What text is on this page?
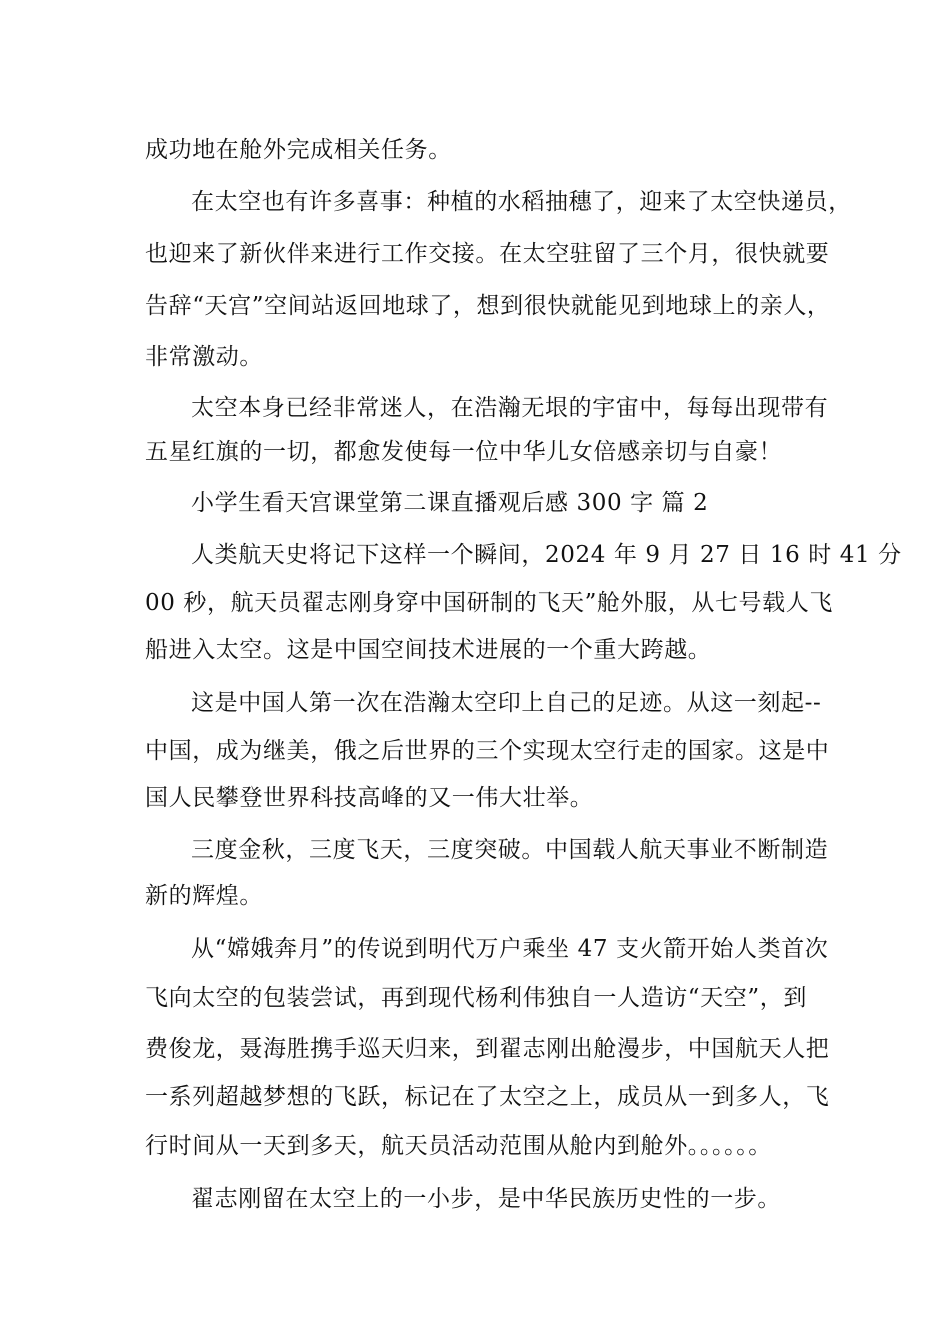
成功地在舱外完成相关任务。
在太空也有许多喜事：种植的水稻抽穗了，迎来了太空快递员，
也迎来了新伙伴来进行工作交接。在太空驻留了三个月，很快就要
告辞“天宫”空间站返回地球了，想到很快就能见到地球上的亲人，
非常激动。
太空本身已经非常迷人，在浩瀚无垠的宇宙中，每每出现带有
五星红旗的一切，都愈发使每一位中华儿女倍感亲切与自豪！
小学生看天宫课堂第二课直播观后感 300 字 篇 2
人类航天史将记下这样一个瞬间，2024 年 9 月 27 日 16 时 41 分
00 秒，航天员翟志刚身穿中国研制的飞天”舱外服，从七号载人飞
船进入太空。这是中国空间技术进展的一个重大跨越。
这是中国人第一次在浩瀚太空印上自己的足迹。从这一刻起--
中国，成为继美，俄之后世界的三个实现太空行走的国家。这是中
国人民攀登世界科技高峰的又一伟大壮举。
三度金秋，三度飞天，三度突破。中国载人航天事业不断制造
新的辉煌。
从“嫦娥奔月”的传说到明代万户乘坐 47 支火箭开始人类首次
飞向太空的包装尝试，再到现代杨利伟独自一人造访“天空”，到
费俊龙，聂海胜携手巡天归来，到翟志刚出舱漫步，中国航天人把
一系列超越梦想的飞跃，标记在了太空之上，成员从一到多人，飞
行时间从一天到多天，航天员活动范围从舱内到舱外。。。。。。
翟志刚留在太空上的一小步，是中华民族历史性的一步。
